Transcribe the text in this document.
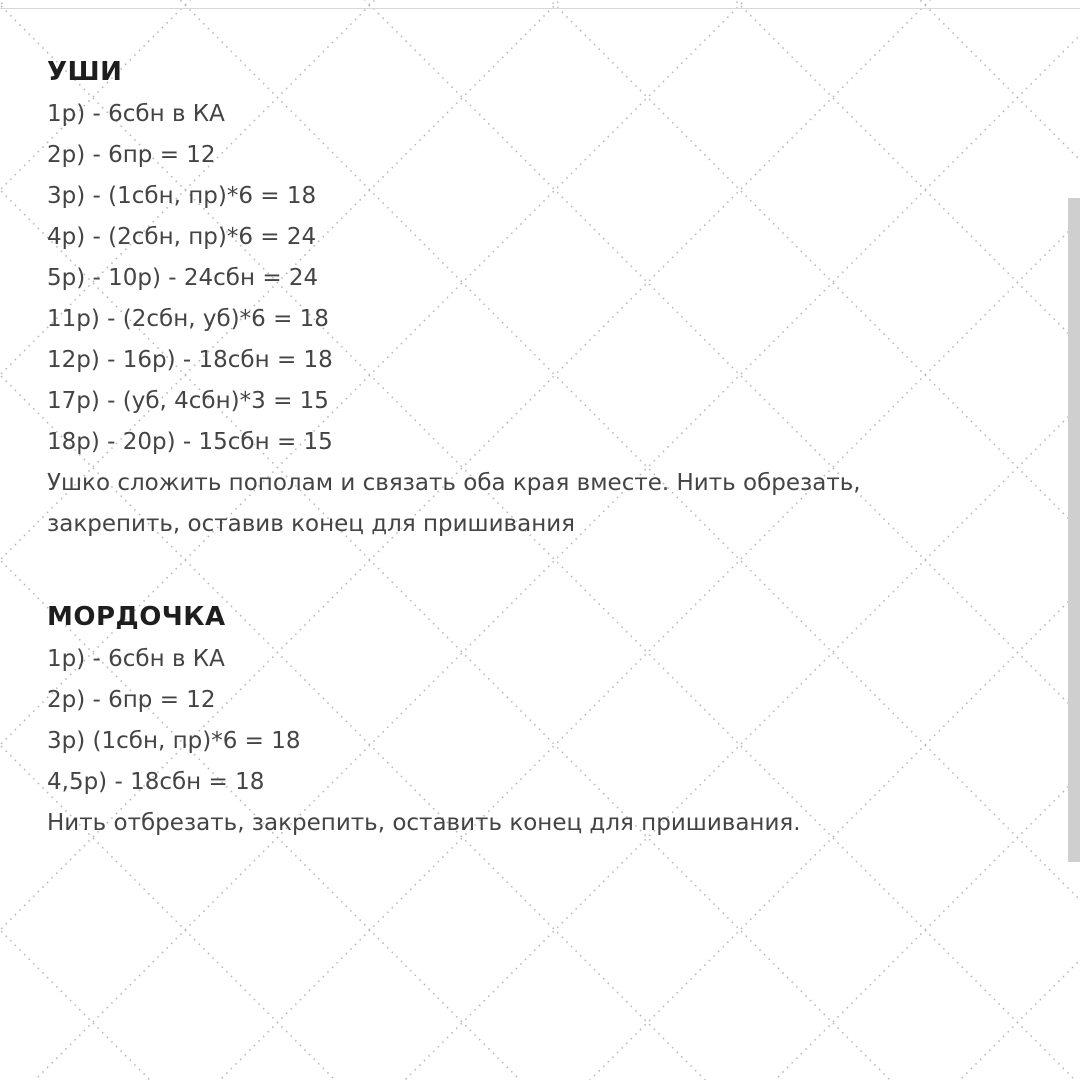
УШИ
1р) - 6сбн в КА
2р) - 6пр = 12
3р) - (1сбн, пр)*6 = 18
4р) - (2сбн, пр)*6 = 24
5р) - 10р) - 24сбн = 24
11р) - (2сбн, уб)*6 = 18
12р) - 16р) - 18сбн = 18
17р) - (уб, 4сбн)*3 = 15
18р) - 20р) - 15сбн = 15
Ушко сложить пополам и связать оба края вместе. Нить обрезать,
закрепить, оставив конец для пришивания
МОРДОЧКА
1р) - 6сбн в КА
2р) - 6пр = 12
3р) (1сбн, пр)*6 = 18
4,5р) - 18сбн = 18
Нить отбрезать, закрепить, оставить конец для пришивания.
